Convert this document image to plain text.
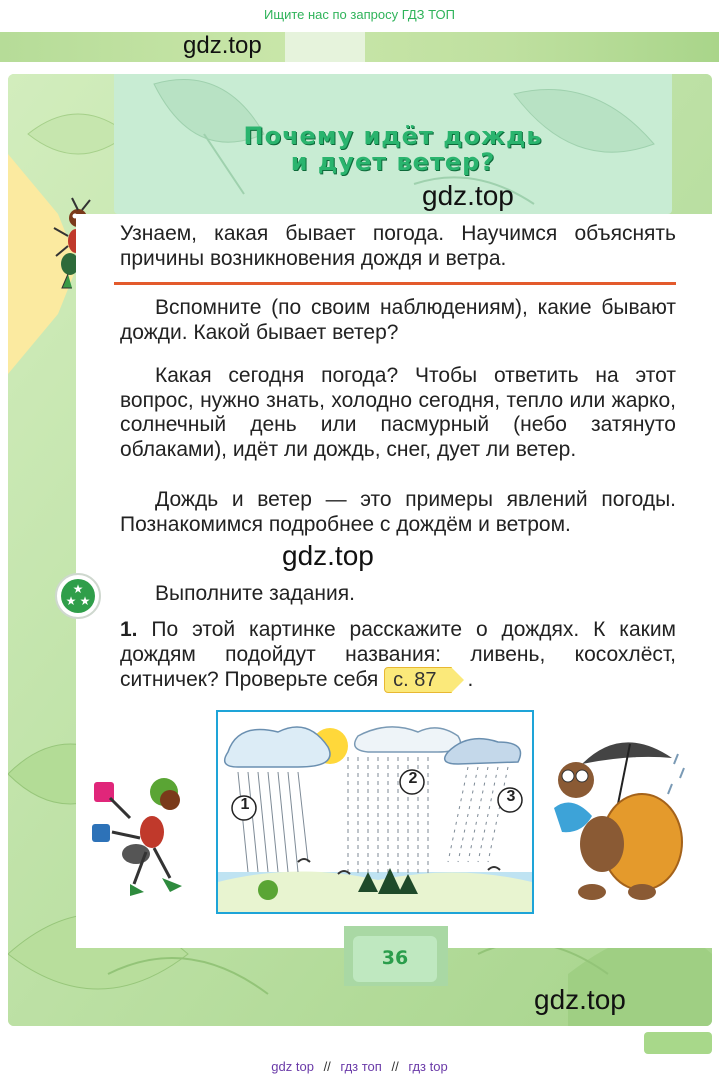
Ищите нас по запросу ГДЗ ТОП
gdz.top
Почему идёт дождь
и дует ветер?
gdz.top
Узнаем, какая бывает погода. Научимся объяснять причины возникновения дождя и ветра.
Вспомните (по своим наблюдениям), какие бывают дожди. Какой бывает ветер?
Какая сегодня погода? Чтобы ответить на этот вопрос, нужно знать, холодно сегодня, тепло или жарко, солнечный день или пасмурный (небо затянуто облаками), идёт ли дождь, снег, дует ли ветер.
Дождь и ветер — это примеры явлений погоды. Познакомимся подробнее с дождём и ветром.
gdz.top
★
★ ★	Выполните задания.
1. По этой картинке расскажите о дождях. К каким дождям подойдут названия: ливень, косохлёст, ситничек? Проверьте себя с. 87 .
1
2
3
36
gdz.top
gdz top // гдз топ // гдз top
